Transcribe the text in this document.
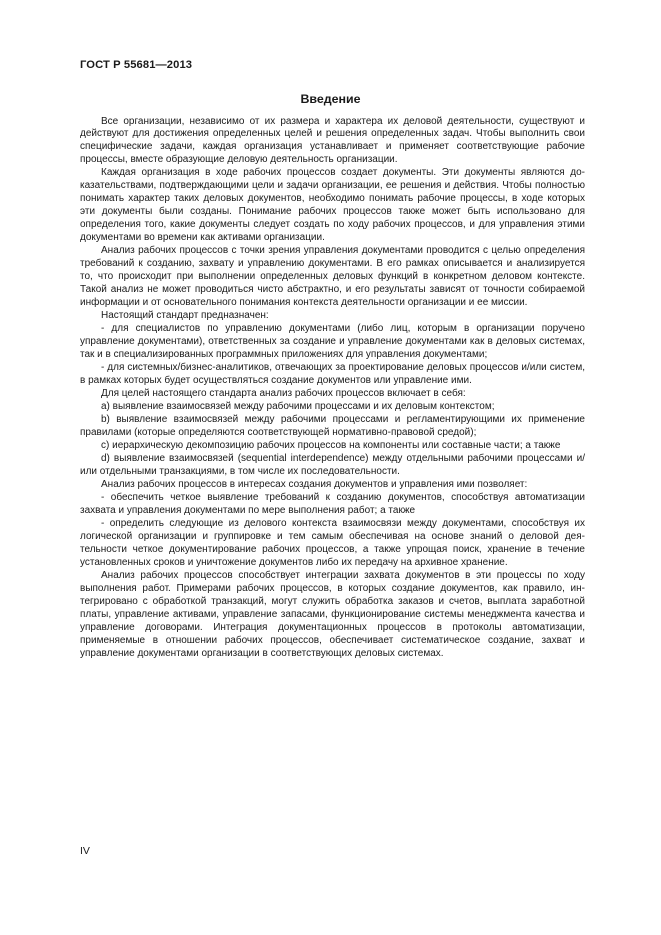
ГОСТ Р 55681—2013
Введение

Все организации, независимо от их размера и характера их деловой деятельности, существуют и действуют для достижения определенных целей и решения определенных задач. Чтобы выполнить свои специфические задачи, каждая организация устанавливает и применяет соответствующие рабочие процессы, вместе образующие деловую деятельность организации.

Каждая организация в ходе рабочих процессов создает документы. Эти документы являются доказательствами, подтверждающими цели и задачи организации, ее решения и действия. Чтобы полностью понимать характер таких деловых документов, необходимо понимать рабочие процессы, в ходе которых эти документы были созданы. Понимание рабочих процессов также может быть использовано для определения того, какие документы следует создать по ходу рабочих процессов, и для управления этими документами во времени как активами организации.

Анализ рабочих процессов с точки зрения управления документами проводится с целью определения требований к созданию, захвату и управлению документами. В его рамках описывается и анализируется то, что происходит при выполнении определенных деловых функций в конкретном деловом контексте. Такой анализ не может проводиться чисто абстрактно, и его результаты зависят от точности собираемой информации и от основательного понимания контекста деятельности организации и ее миссии.

Настоящий стандарт предназначен:

- для специалистов по управлению документами (либо лиц, которым в организации поручено управление документами), ответственных за создание и управление документами как в деловых системах, так и в специализированных программных приложениях для управления документами;

- для системных/бизнес-аналитиков, отвечающих за проектирование деловых процессов и/или систем, в рамках которых будет осуществляться создание документов или управление ими.

Для целей настоящего стандарта анализ рабочих процессов включает в себя:

a) выявление взаимосвязей между рабочими процессами и их деловым контекстом;

b) выявление взаимосвязей между рабочими процессами и регламентирующими их применение правилами (которые определяются соответствующей нормативно-правовой средой);

c) иерархическую декомпозицию рабочих процессов на компоненты или составные части; а также

d) выявление взаимосвязей (sequential interdependence) между отдельными рабочими процессами и/или отдельными транзакциями, в том числе их последовательности.

Анализ рабочих процессов в интересах создания документов и управления ими позволяет:

- обеспечить четкое выявление требований к созданию документов, способствуя автоматизации захвата и управления документами по мере выполнения работ; а также

- определить следующие из делового контекста взаимосвязи между документами, способствуя их логической организации и группировке и тем самым обеспечивая на основе знаний о деловой деятельности четкое документирование рабочих процессов, а также упрощая поиск, хранение в течение установленных сроков и уничтожение документов либо их передачу на архивное хранение.

Анализ рабочих процессов способствует интеграции захвата документов в эти процессы по ходу выполнения работ. Примерами рабочих процессов, в которых создание документов, как правило, интегрировано с обработкой транзакций, могут служить обработка заказов и счетов, выплата заработной платы, управление активами, управление запасами, функционирование системы менеджмента качества и управление договорами. Интеграция документационных процессов в протоколы автоматизации, применяемые в отношении рабочих процессов, обеспечивает систематическое создание, захват и управление документами организации в соответствующих деловых системах.

IV
